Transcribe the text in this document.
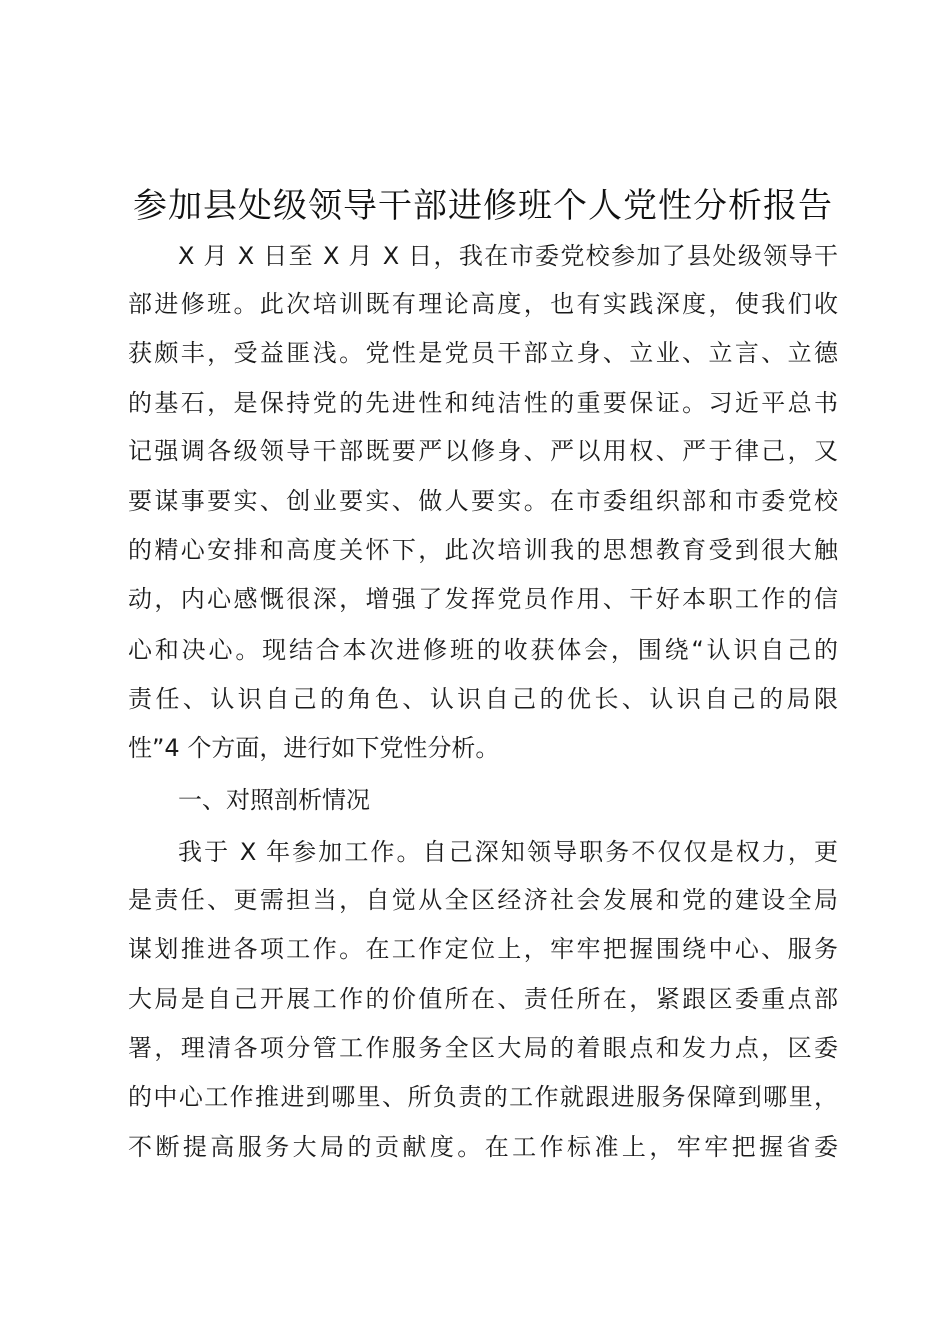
参加县处级领导干部进修班个人党性分析报告
X 月 X 日至 X 月 X 日，我在市委党校参加了县处级领导干
部进修班。此次培训既有理论高度，也有实践深度，使我们收
获颇丰，受益匪浅。党性是党员干部立身、立业、立言、立德
的基石，是保持党的先进性和纯洁性的重要保证。习近平总书
记强调各级领导干部既要严以修身、严以用权、严于律己，又
要谋事要实、创业要实、做人要实。在市委组织部和市委党校
的精心安排和高度关怀下，此次培训我的思想教育受到很大触
动，内心感慨很深，增强了发挥党员作用、干好本职工作的信
心和决心。现结合本次进修班的收获体会，围绕“认识自己的
责任、认识自己的角色、认识自己的优长、认识自己的局限
性”4 个方面，进行如下党性分析。
一、对照剖析情况
我于 X 年参加工作。自己深知领导职务不仅仅是权力，更
是责任、更需担当，自觉从全区经济社会发展和党的建设全局
谋划推进各项工作。在工作定位上，牢牢把握围绕中心、服务
大局是自己开展工作的价值所在、责任所在，紧跟区委重点部
署，理清各项分管工作服务全区大局的着眼点和发力点，区委
的中心工作推进到哪里、所负责的工作就跟进服务保障到哪里，
不断提高服务大局的贡献度。在工作标准上，牢牢把握省委
